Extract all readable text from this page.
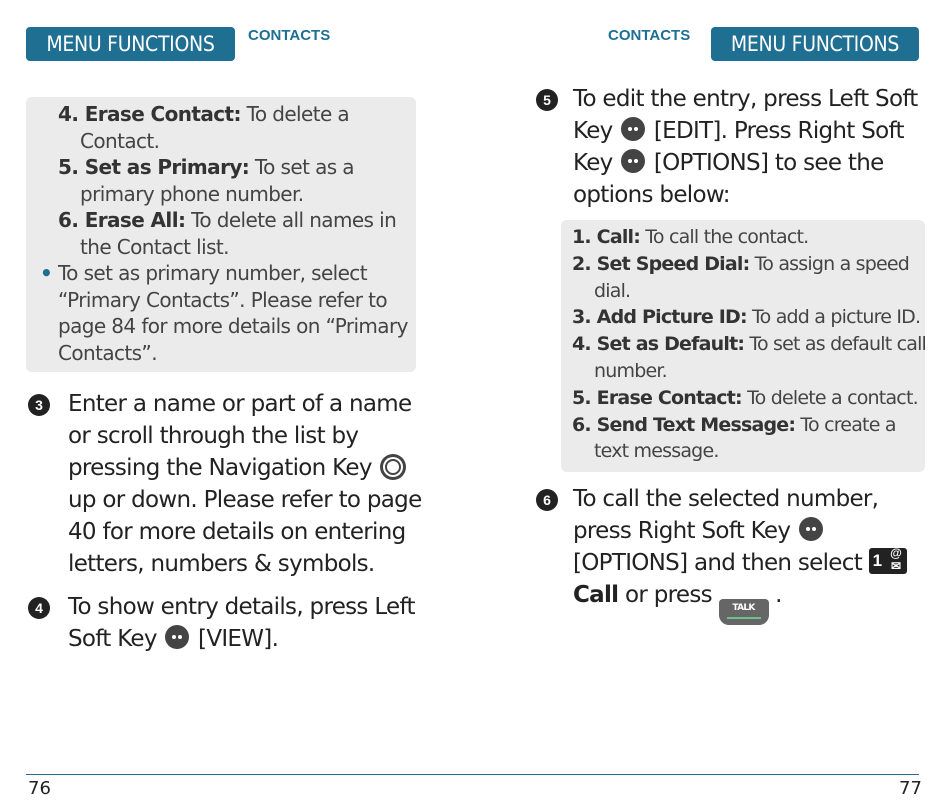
MENU FUNCTIONS	CONTACTS
4. Erase Contact: To delete a Contact.
5. Set as Primary: To set as a primary phone number.
6. Erase All: To delete all names in the Contact list.
• To set as primary number, select “Primary Contacts”. Please refer to page 84 for more details on “Primary Contacts”.
3	Enter a name or part of a name or scroll through the list by pressing the Navigation Key  up or down. Please refer to page 40 for more details on entering letters, numbers & symbols.
4	To show entry details, press Left Soft Key [VIEW].
76
CONTACTS	MENU FUNCTIONS
5 To edit the entry, press Left Soft Key [EDIT]. Press Right Soft Key [OPTIONS] to see the options below:
1. Call: To call the contact.
2. Set Speed Dial: To assign a speed dial.
3. Add Picture ID: To add a picture ID.
4. Set as Default: To set as default call number.
5. Erase Contact: To delete a contact.
6. Send Text Message: To create a text message.
6 To call the selected number, press Right Soft Key  [OPTIONS] and then select 1 @✉
Call or press TALK .
77
